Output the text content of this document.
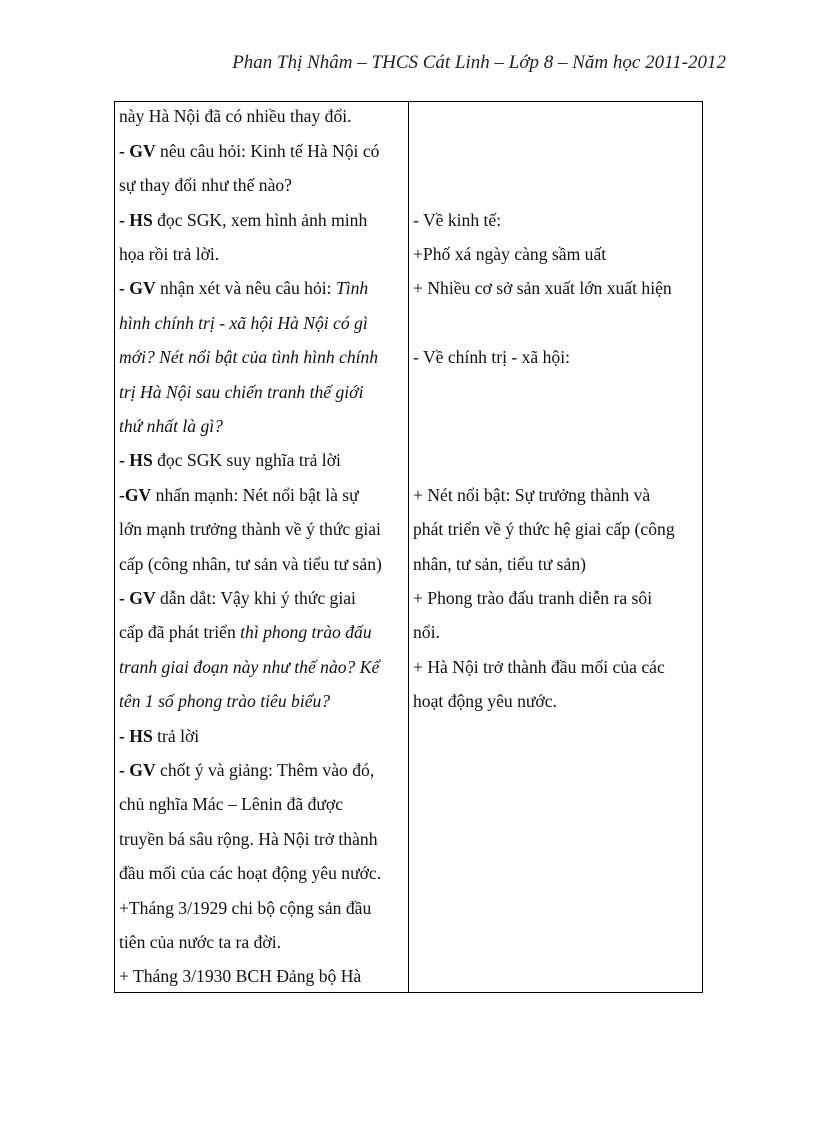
Phan Thị Nhâm – THCS Cát Linh – Lớp 8 – Năm học 2011-2012
này Hà Nội đã có nhiều thay đổi.
- GV nêu câu hỏi: Kinh tế Hà Nội có
sự thay đổi như thế nào?
- HS đọc SGK, xem hình ảnh minh
họa rồi trả lời.
- GV nhận xét và nêu câu hỏi: Tình
hình chính trị - xã hội Hà Nội có gì
mới? Nét nổi bật của tình hình chính
trị Hà Nội sau chiến tranh thế giới
thứ nhất là gì?
- HS đọc SGK suy nghĩa trả lời
-GV nhấn mạnh: Nét nổi bật là sự
lớn mạnh trưởng thành về ý thức giai
cấp (công nhân, tư sản và tiểu tư sản)
- GV dẫn dắt: Vậy khi ý thức giai
cấp đã phát triển thì phong trào đấu
tranh giai đoạn này như thế nào? Kể
tên 1 số phong trào tiêu biểu?
- HS trả lời
- GV chốt ý và giảng: Thêm vào đó,
chủ nghĩa Mác – Lênin đã được
truyền bá sâu rộng. Hà Nội trở thành
đầu mối của các hoạt động yêu nước.
+Tháng 3/1929 chi bộ cộng sản đầu
tiên của nước ta ra đời.
+ Tháng 3/1930 BCH Đảng bộ Hà
- Về kinh tế:
+Phố xá ngày càng sầm uất
+ Nhiều cơ sở sản xuất lớn xuất hiện
- Về chính trị - xã hội:
+ Nét nổi bật: Sự trưởng thành và
phát triển về ý thức hệ giai cấp (công
nhân, tư sản, tiểu tư sản)
+ Phong trào đấu tranh diễn ra sôi
nổi.
+ Hà Nội trở thành đầu mối của các
hoạt động yêu nước.
